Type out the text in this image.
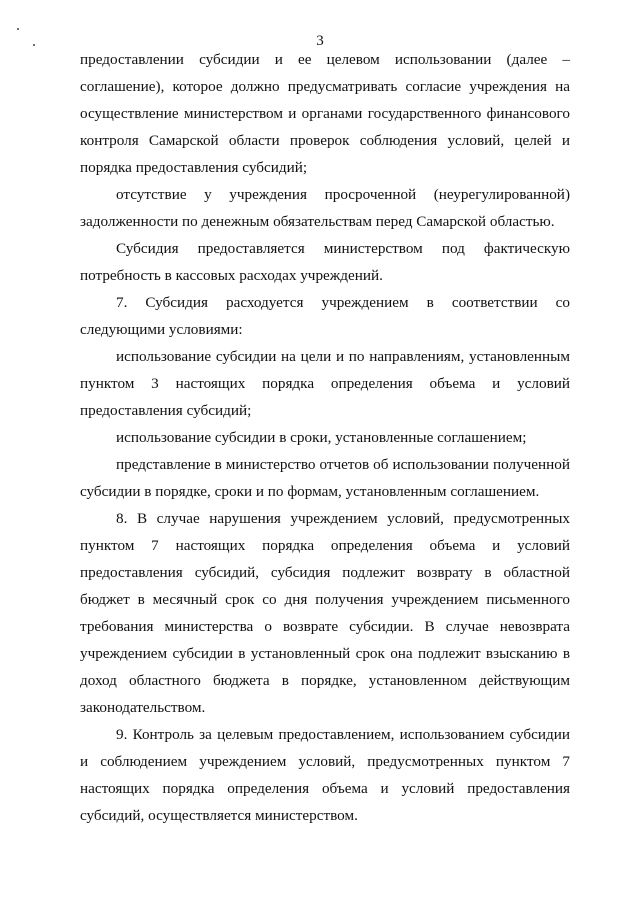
3

предоставлении субсидии и ее целевом использовании (далее – соглашение), которое должно предусматривать согласие учреждения на осуществление министерством и органами государственного финансового контроля Самарской области проверок соблюдения условий, целей и порядка предоставления субсидий;

отсутствие у учреждения просроченной (неурегулированной) задолженности по денежным обязательствам перед Самарской областью.

Субсидия предоставляется министерством под фактическую потребность в кассовых расходах учреждений.

7. Субсидия расходуется учреждением в соответствии со следующими условиями:

использование субсидии на цели и по направлениям, установленным пунктом 3 настоящих порядка определения объема и условий предоставления субсидий;

использование субсидии в сроки, установленные соглашением;

представление в министерство отчетов об использовании полученной субсидии в порядке, сроки и по формам, установленным соглашением.

8. В случае нарушения учреждением условий, предусмотренных пунктом 7 настоящих порядка определения объема и условий предоставления субсидий, субсидия подлежит возврату в областной бюджет в месячный срок со дня получения учреждением письменного требования министерства о возврате субсидии. В случае невозврата учреждением субсидии в установленный срок она подлежит взысканию в доход областного бюджета в порядке, установленном действующим законодательством.

9. Контроль за целевым предоставлением, использованием субсидии и соблюдением учреждением условий, предусмотренных пунктом 7 настоящих порядка определения объема и условий предоставления субсидий, осуществляется министерством.
